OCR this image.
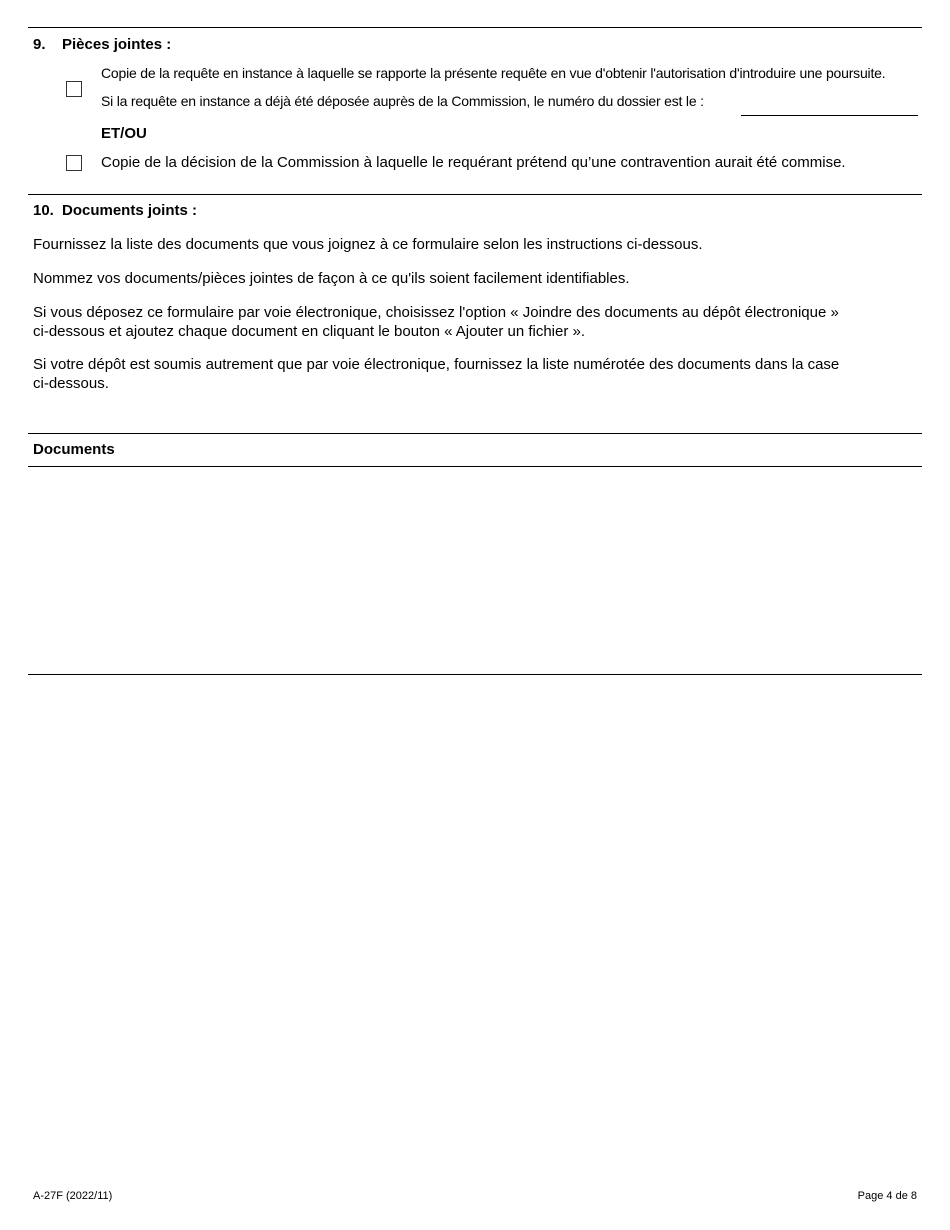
9. Pièces jointes :
Copie de la requête en instance à laquelle se rapporte la présente requête en vue d'obtenir l'autorisation d'introduire une poursuite.
Si la requête en instance a déjà été déposée auprès de la Commission, le numéro du dossier est le :
ET/OU
Copie de la décision de la Commission à laquelle le requérant prétend qu’une contravention aurait été commise.
10. Documents joints :
Fournissez la liste des documents que vous joignez à ce formulaire selon les instructions ci-dessous.
Nommez vos documents/pièces jointes de façon à ce qu'ils soient facilement identifiables.
Si vous déposez ce formulaire par voie électronique, choisissez l'option « Joindre des documents au dépôt électronique »
ci-dessous et ajoutez chaque document en cliquant le bouton « Ajouter un fichier ».
Si votre dépôt est soumis autrement que par voie électronique, fournissez la liste numérotée des documents dans la case
ci-dessous.
Documents
A-27F (2022/11)	Page 4 de 8
